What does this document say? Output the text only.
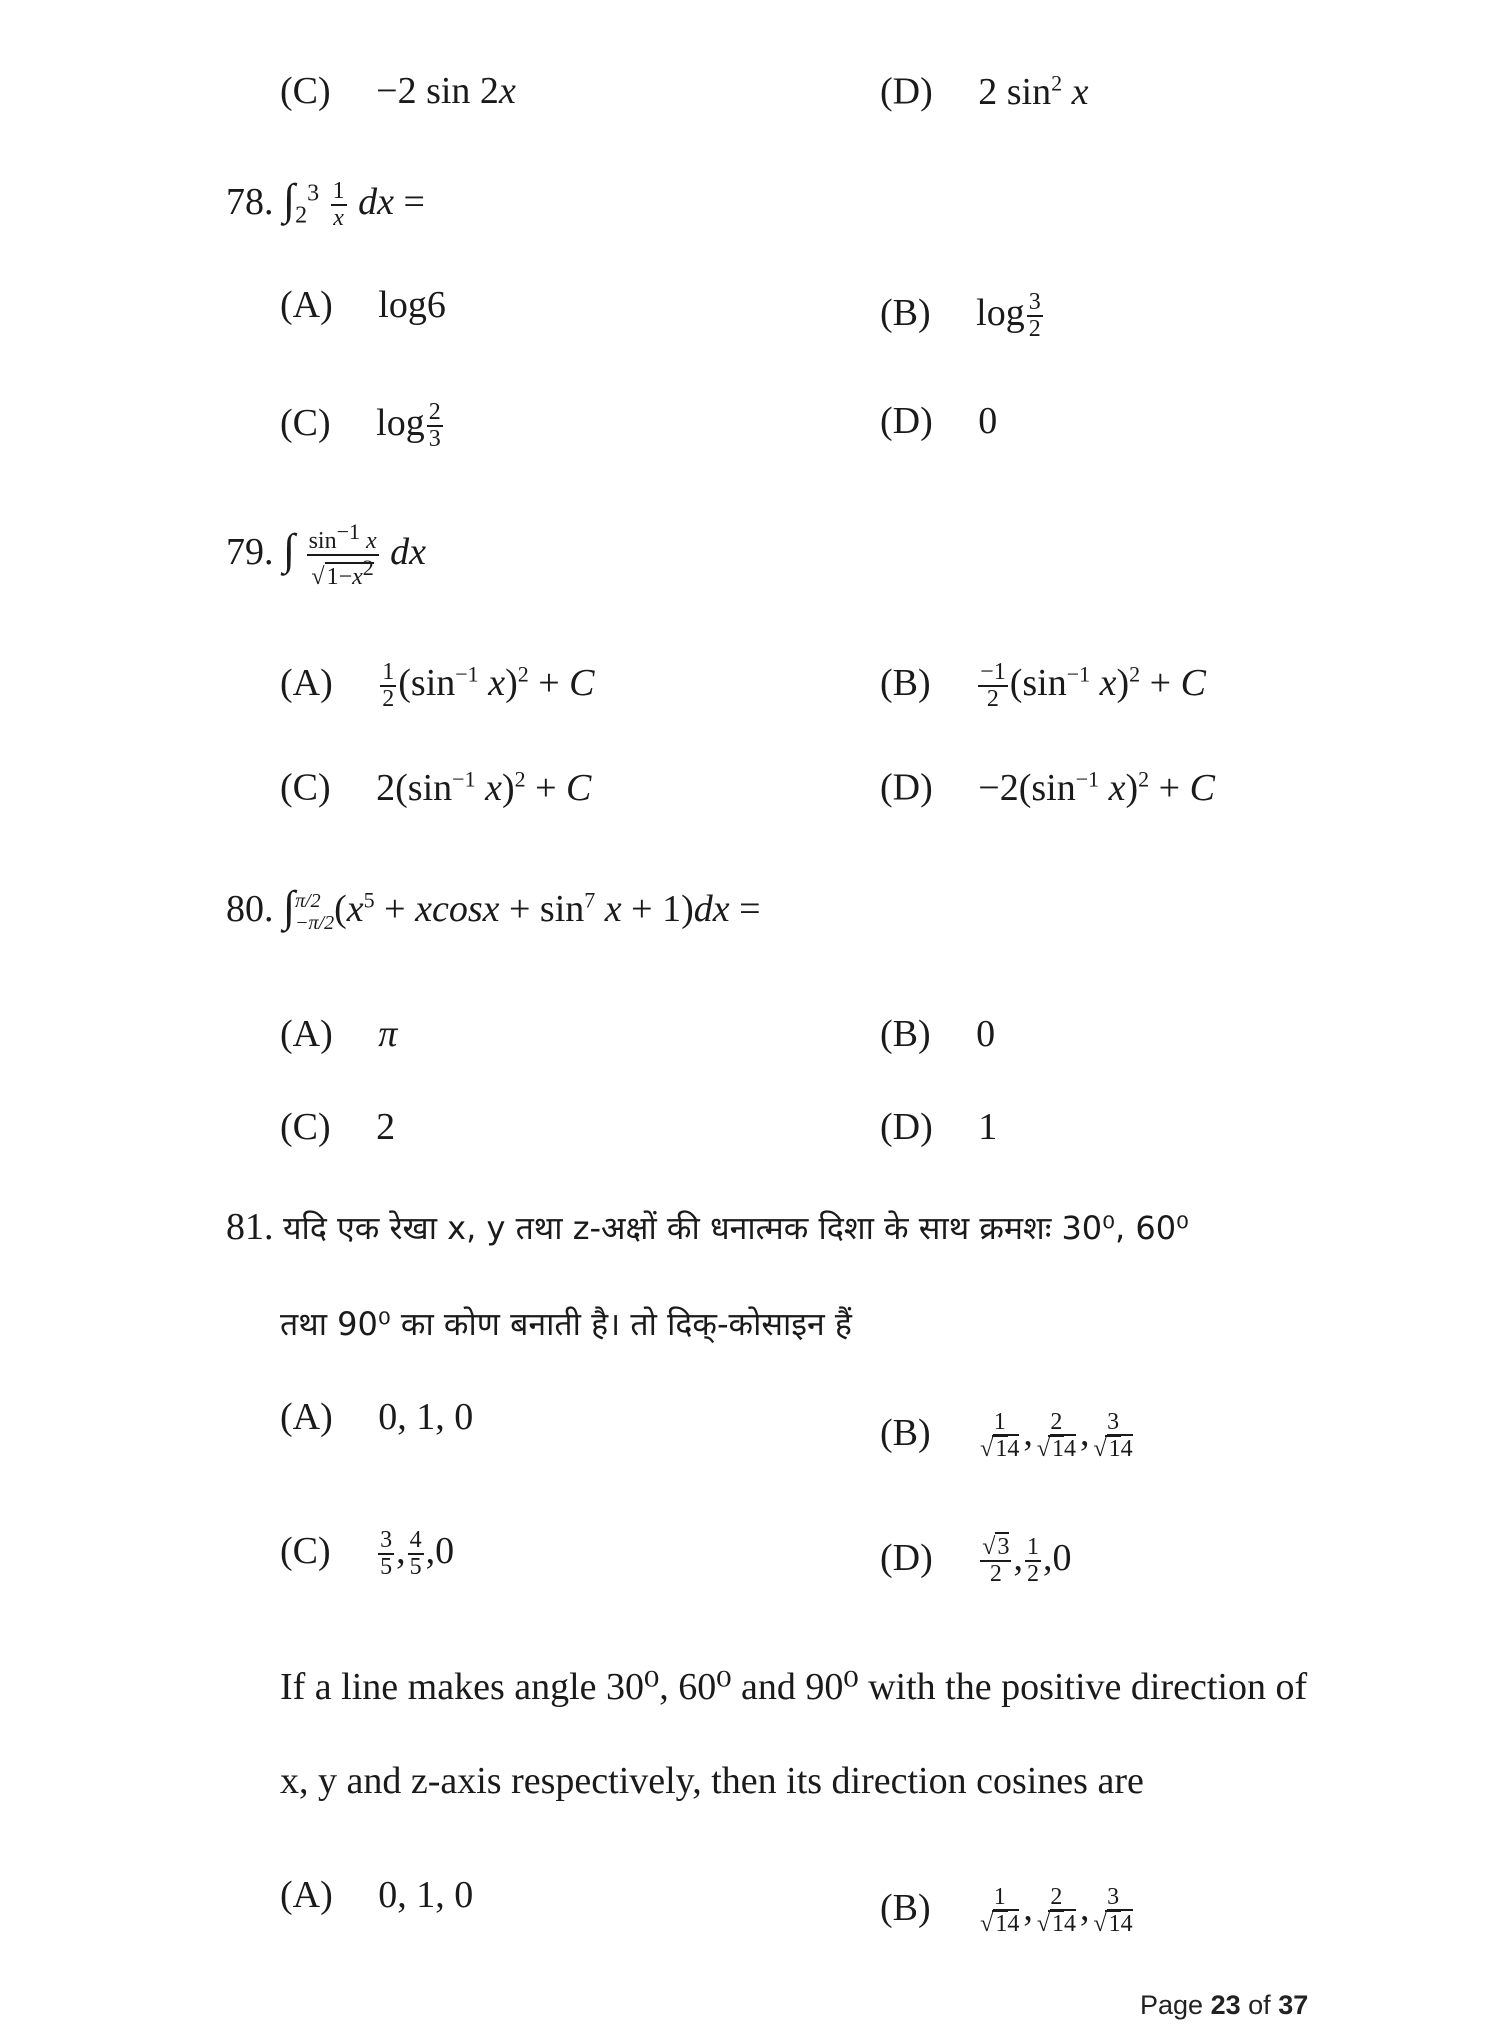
(C) −2 sin 2x	(D) 2 $\sin^2 x$
78. $\int_2^3 \frac{1}{x}$ dx =
(A) log6	(B) $\log \frac{3}{2}$
(C) $\log \frac{2}{3}$	(D) 0
79. ∫ $\frac{\sin^{-1} x}{√1-x^2}$ dx
$(A) \frac{1}{2} (\sin^{-1}$ x)$^2$ + C	$(B) \frac{-1}{2} (\sin^{-1}$ x)$^2$ + C
(C) $2(\sin^{-1}$ x)$^2$ + C	$(D) -2(\sin^{-1}$ x)$^2$ + C
80. ∫ π/2
−π/2 $(x^5 + xcosx + \sin^7 x + 1)dx$ =
(A) π	(B) 0
(C) 2	(D) 1
81. यदि एक रेखा x, y तथा z-अक्षों की धनात्मक दिशा के साथ क्रमशः 30⁰, 60⁰
तथा 90⁰ का कोण बनाती है। तो दिक्-कोसाइन हैं
(A) 0, 1, 0	$(B) \frac{1}{√14}$ , $\frac{2}{√14}$ , $\frac{3}{√14}$
$(C) \frac{3}{5}$ , $\frac{4}{5} ,0$	$(D) \frac{√3}{2}$ , $\frac{1}{2} ,0$
If a line makes angle 30⁰, 60⁰ and 90⁰ with the positive direction of
x, y and z-axis respectively, then its direction cosines are
(A) 0, 1, 0	$(B) \frac{1}{√14}$ , $\frac{2}{√14}$ , $\frac{3}{√14}$
Page 23 of 37
